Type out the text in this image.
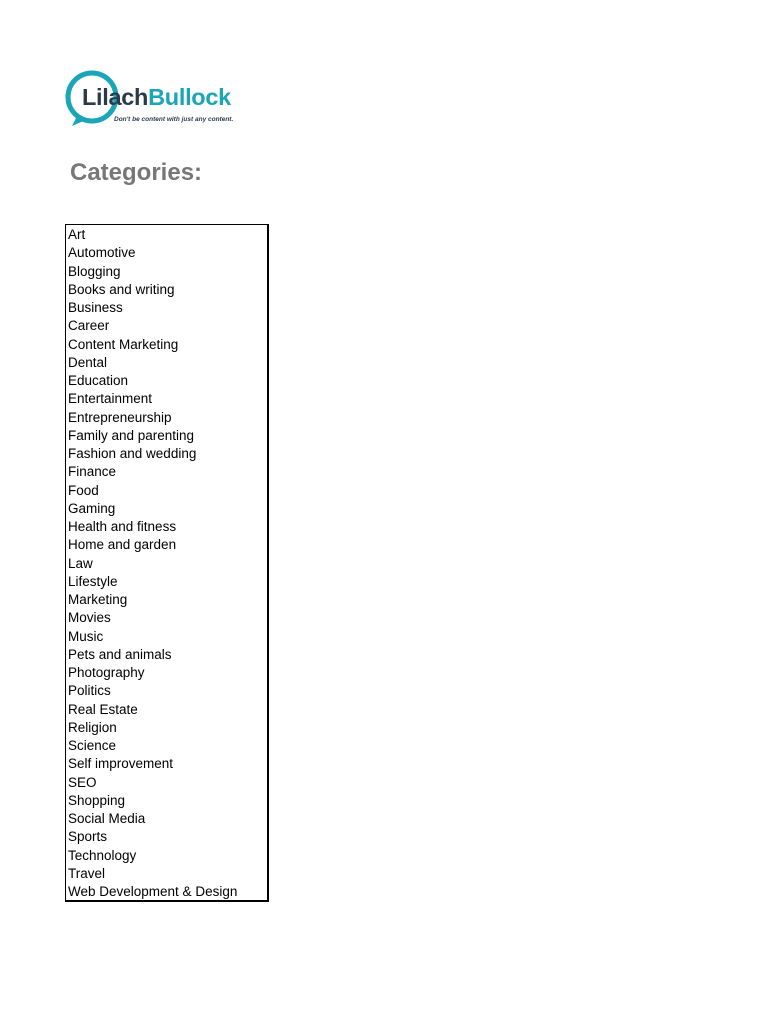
LilachBullock
Don't be content with just any content.
Categories:
Art
Automotive
Blogging
Books and writing
Business
Career
Content Marketing
Dental
Education
Entertainment
Entrepreneurship
Family and parenting
Fashion and wedding
Finance
Food
Gaming
Health and fitness
Home and garden
Law
Lifestyle
Marketing
Movies
Music
Pets and animals
Photography
Politics
Real Estate
Religion
Science
Self improvement
SEO
Shopping
Social Media
Sports
Technology
Travel
Web Development & Design
